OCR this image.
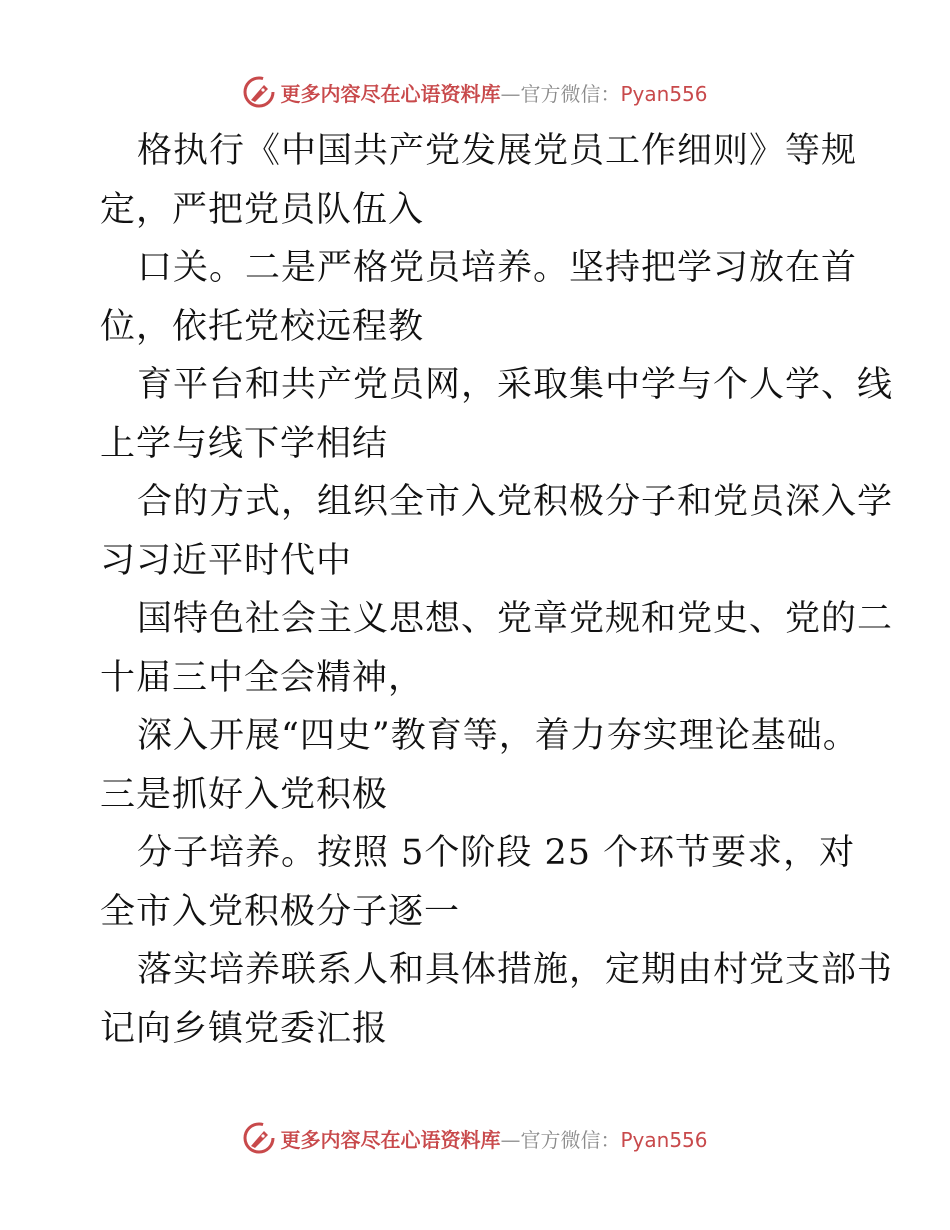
更多内容尽在心语资料库—官方微信：Pyan556
格执行《中国共产党发展党员工作细则》等规
定，严把党员队伍入
口关。二是严格党员培养。坚持把学习放在首
位，依托党校远程教
育平台和共产党员网，采取集中学与个人学、线
上学与线下学相结
合的方式，组织全市入党积极分子和党员深入学
习习近平时代中
国特色社会主义思想、党章党规和党史、党的二
十届三中全会精神，
深入开展“四史”教育等，着力夯实理论基础。
三是抓好入党积极
分子培养。按照 5个阶段 25 个环节要求，对
全市入党积极分子逐一
落实培养联系人和具体措施，定期由村党支部书
记向乡镇党委汇报
更多内容尽在心语资料库—官方微信：Pyan556
